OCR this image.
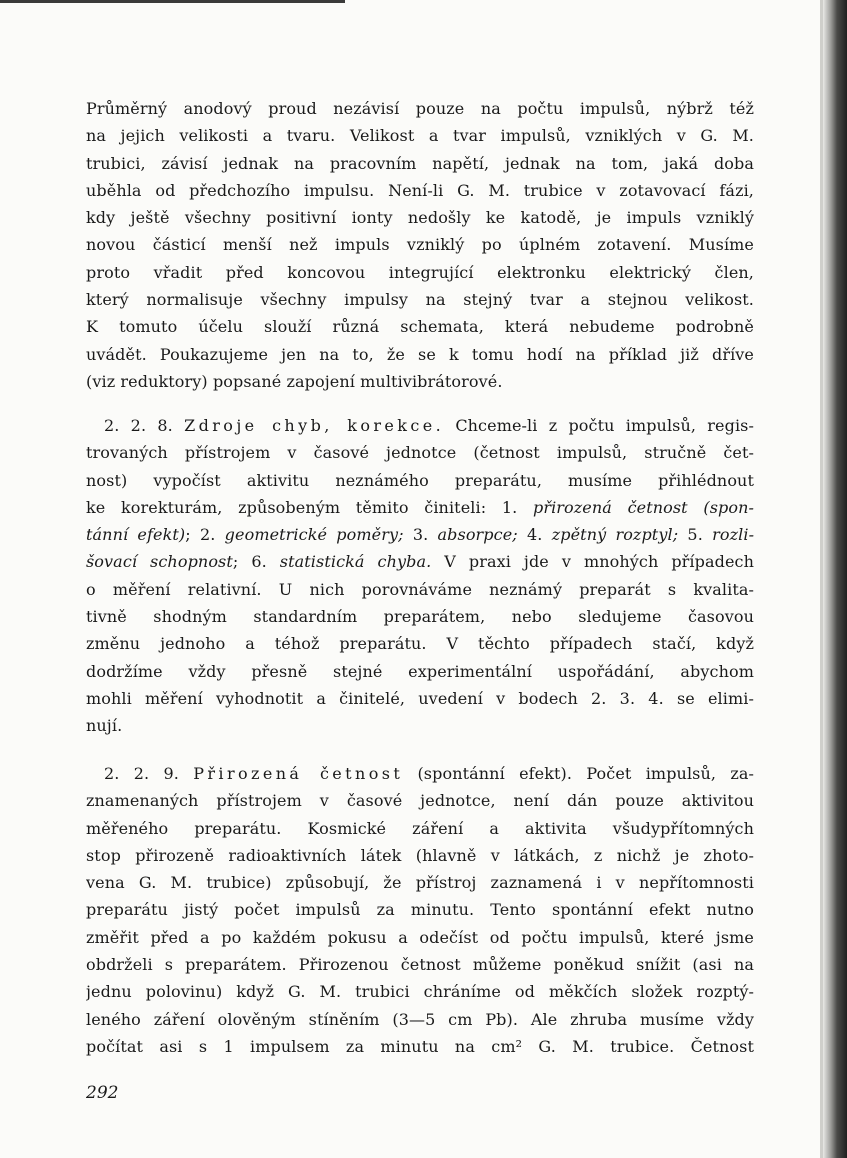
Průměrný anodový proud nezávisí pouze na počtu impulsů, nýbrž též
na jejich velikosti a tvaru. Velikost a tvar impulsů, vzniklých v G. M.
trubici, závisí jednak na pracovním napětí, jednak na tom, jaká doba
uběhla od předchozího impulsu. Není-li G. M. trubice v zotavovací fázi,
kdy ještě všechny positivní ionty nedošly ke katodě, je impuls vzniklý
novou částicí menší než impuls vzniklý po úplném zotavení. Musíme
proto vřadit před koncovou integrující elektronku elektrický člen,
který normalisuje všechny impulsy na stejný tvar a stejnou velikost.
K tomuto účelu slouží různá schemata, která nebudeme podrobně
uvádět. Poukazujeme jen na to, že se k tomu hodí na příklad již dříve
(viz reduktory) popsané zapojení multivibrátorové.
2. 2. 8. Zdroje chyb, korekce. Chceme-li z počtu impulsů, regis-
trovaných přístrojem v časové jednotce (četnost impulsů, stručně čet-
nost) vypočíst aktivitu neznámého preparátu, musíme přihlédnout
ke korekturám, způsobeným těmito činiteli: 1. přirozená četnost (spon-
tánní efekt); 2. geometrické poměry; 3. absorpce; 4. zpětný rozptyl; 5. rozli-
šovací schopnost; 6. statistická chyba. V praxi jde v mnohých případech
o měření relativní. U nich porovnáváme neznámý preparát s kvalita-
tivně shodným standardním preparátem, nebo sledujeme časovou
změnu jednoho a téhož preparátu. V těchto případech stačí, když
dodržíme vždy přesně stejné experimentální uspořádání, abychom
mohli měření vyhodnotit a činitelé, uvedení v bodech 2. 3. 4. se elimi-
nují.
2. 2. 9. Přirozená četnost (spontánní efekt). Počet impulsů, za-
znamenaných přístrojem v časové jednotce, není dán pouze aktivitou
měřeného preparátu. Kosmické záření a aktivita všudypřítomných
stop přirozeně radioaktivních látek (hlavně v látkách, z nichž je zhoto-
vena G. M. trubice) způsobují, že přístroj zaznamená i v nepřítomnosti
preparátu jistý počet impulsů za minutu. Tento spontánní efekt nutno
změřit před a po každém pokusu a odečíst od počtu impulsů, které jsme
obdrželi s preparátem. Přirozenou četnost můžeme poněkud snížit (asi na
jednu polovinu) když G. M. trubici chráníme od měkčích složek rozptý-
leného záření olověným stíněním (3—5 cm Pb). Ale zhruba musíme vždy
počítat asi s 1 impulsem za minutu na cm² G. M. trubice. Četnost
292
